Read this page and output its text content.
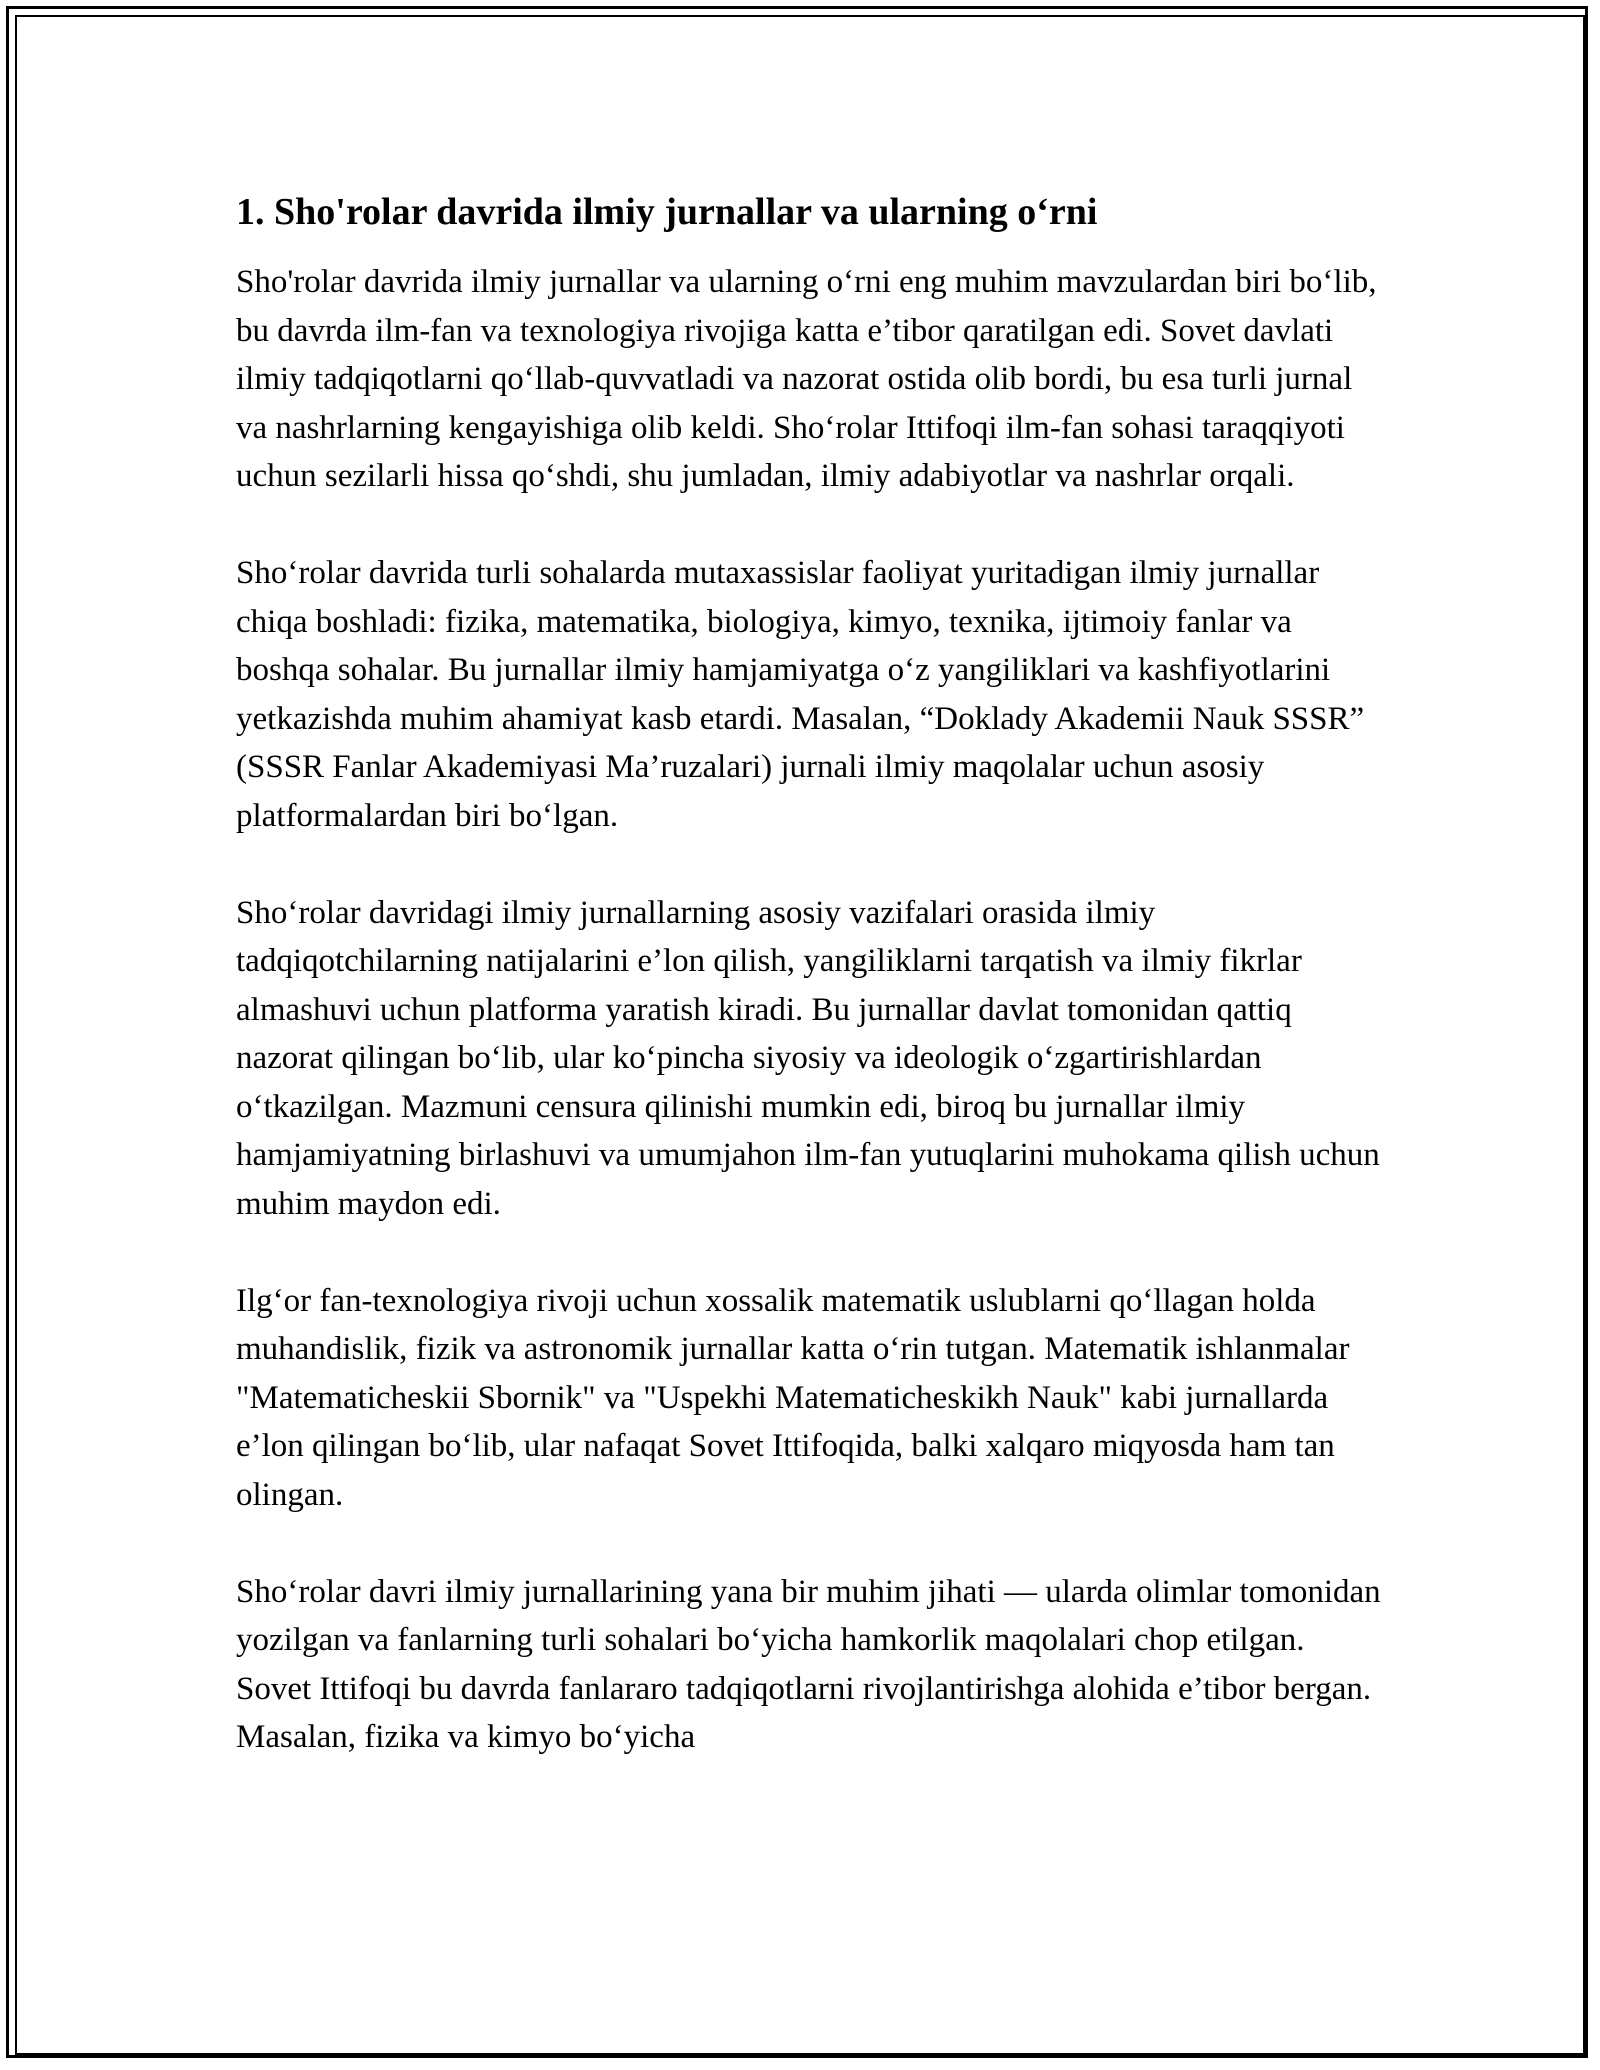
1. Sho'rolar davrida ilmiy jurnallar va ularning o‘rni

Sho'rolar davrida ilmiy jurnallar va ularning o‘rni eng muhim mavzulardan biri bo‘lib, bu davrda ilm-fan va texnologiya rivojiga katta e’tibor qaratilgan edi. Sovet davlati ilmiy tadqiqotlarni qo‘llab-quvvatladi va nazorat ostida olib bordi, bu esa turli jurnal va nashrlarning kengayishiga olib keldi. Sho‘rolar Ittifoqi ilm-fan sohasi taraqqiyoti uchun sezilarli hissa qo‘shdi, shu jumladan, ilmiy adabiyotlar va nashrlar orqali.

Sho‘rolar davrida turli sohalarda mutaxassislar faoliyat yuritadigan ilmiy jurnallar chiqa boshladi: fizika, matematika, biologiya, kimyo, texnika, ijtimoiy fanlar va boshqa sohalar. Bu jurnallar ilmiy hamjamiyatga o‘z yangiliklari va kashfiyotlarini yetkazishda muhim ahamiyat kasb etardi. Masalan, “Doklady Akademii Nauk SSSR” (SSSR Fanlar Akademiyasi Ma’ruzalari) jurnali ilmiy maqolalar uchun asosiy platformalardan biri bo‘lgan.

Sho‘rolar davridagi ilmiy jurnallarning asosiy vazifalari orasida ilmiy tadqiqotchilarning natijalarini e’lon qilish, yangiliklarni tarqatish va ilmiy fikrlar almashuvi uchun platforma yaratish kiradi. Bu jurnallar davlat tomonidan qattiq nazorat qilingan bo‘lib, ular ko‘pincha siyosiy va ideologik o‘zgartirishlardan o‘tkazilgan. Mazmuni censura qilinishi mumkin edi, biroq bu jurnallar ilmiy hamjamiyatning birlashuvi va umumjahon ilm-fan yutuqlarini muhokama qilish uchun muhim maydon edi.

Ilg‘or fan-texnologiya rivoji uchun xossalik matematik uslublarni qo‘llagan holda muhandislik, fizik va astronomik jurnallar katta o‘rin tutgan. Matematik ishlanmalar "Matematicheskii Sbornik" va "Uspekhi Matematicheskikh Nauk" kabi jurnallarda e’lon qilingan bo‘lib, ular nafaqat Sovet Ittifoqida, balki xalqaro miqyosda ham tan olingan.

Sho‘rolar davri ilmiy jurnallarining yana bir muhim jihati — ularda olimlar tomonidan yozilgan va fanlarning turli sohalari bo‘yicha hamkorlik maqolalari chop etilgan. Sovet Ittifoqi bu davrda fanlararo tadqiqotlarni rivojlantirishga alohida e’tibor bergan. Masalan, fizika va kimyo bo‘yicha
